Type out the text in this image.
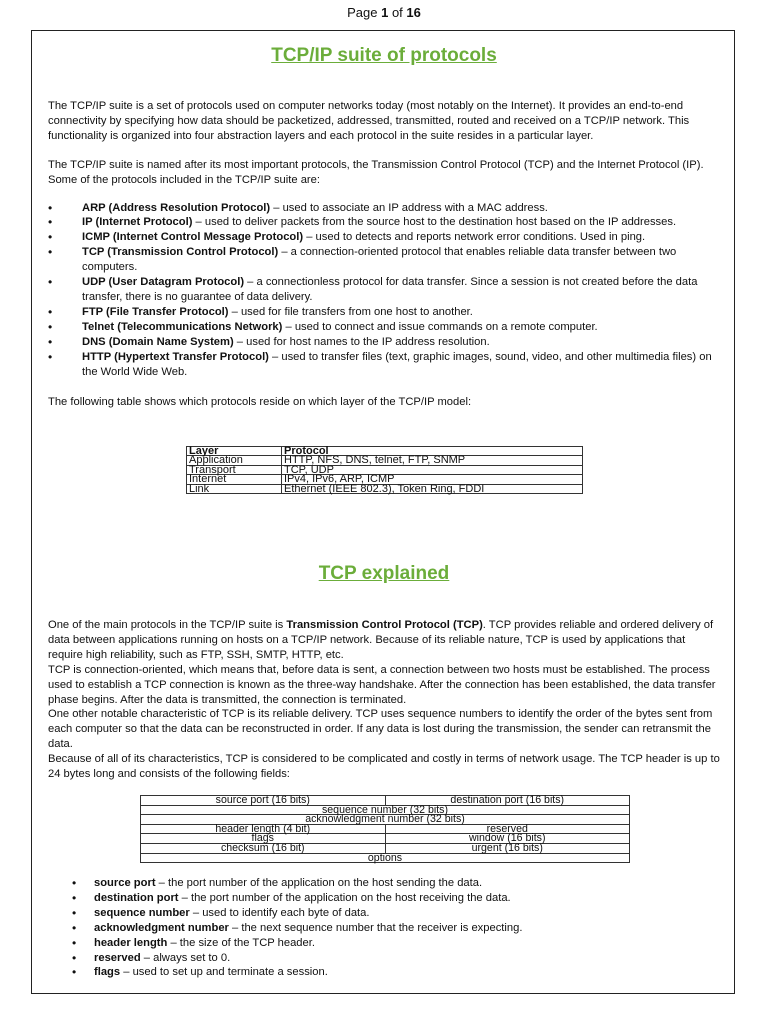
Page 1 of 16
TCP/IP suite of protocols

The TCP/IP suite is a set of protocols used on computer networks today (most notably on the Internet). It provides an end-to-end connectivity by specifying how data should be packetized, addressed, transmitted, routed and received on a TCP/IP network. This functionality is organized into four abstraction layers and each protocol in the suite resides in a particular layer.

The TCP/IP suite is named after its most important protocols, the Transmission Control Protocol (TCP) and the Internet Protocol (IP). Some of the protocols included in the TCP/IP suite are:

• ARP (Address Resolution Protocol) – used to associate an IP address with a MAC address.
• IP (Internet Protocol) – used to deliver packets from the source host to the destination host based on the IP addresses.
• ICMP (Internet Control Message Protocol) – used to detects and reports network error conditions. Used in ping.
• TCP (Transmission Control Protocol) – a connection-oriented protocol that enables reliable data transfer between two computers.
• UDP (User Datagram Protocol) – a connectionless protocol for data transfer. Since a session is not created before the data transfer, there is no guarantee of data delivery.
• FTP (File Transfer Protocol) – used for file transfers from one host to another.
• Telnet (Telecommunications Network) – used to connect and issue commands on a remote computer.
• DNS (Domain Name System) – used for host names to the IP address resolution.
• HTTP (Hypertext Transfer Protocol) – used to transfer files (text, graphic images, sound, video, and other multimedia files) on the World Wide Web.

The following table shows which protocols reside on which layer of the TCP/IP model:

Layer	Protocol
Application	HTTP, NFS, DNS, telnet, FTP, SNMP
Transport	TCP, UDP
Internet	IPv4, IPv6, ARP, ICMP
Link	Ethernet (IEEE 802.3), Token Ring, FDDI
TCP explained

One of the main protocols in the TCP/IP suite is Transmission Control Protocol (TCP). TCP provides reliable and ordered delivery of data between applications running on hosts on a TCP/IP network. Because of its reliable nature, TCP is used by applications that require high reliability, such as FTP, SSH, SMTP, HTTP, etc.

TCP is connection-oriented, which means that, before data is sent, a connection between two hosts must be established. The process used to establish a TCP connection is known as the three-way handshake. After the connection has been established, the data transfer phase begins. After the data is transmitted, the connection is terminated.

One other notable characteristic of TCP is its reliable delivery. TCP uses sequence numbers to identify the order of the bytes sent from each computer so that the data can be reconstructed in order. If any data is lost during the transmission, the sender can retransmit the data.

Because of all of its characteristics, TCP is considered to be complicated and costly in terms of network usage. The TCP header is up to 24 bytes long and consists of the following fields:

source port (16 bits)	destination port (16 bits)
sequence number (32 bits)	
acknowledgment number (32 bits)	
header length (4 bit)	reserved
flags	window (16 bits)
checksum (16 bit)	urgent (16 bits)
options	
• source port – the port number of the application on the host sending the data.
• destination port – the port number of the application on the host receiving the data.
• sequence number – used to identify each byte of data.
• acknowledgment number – the next sequence number that the receiver is expecting.
• header length – the size of the TCP header.
• reserved – always set to 0.
• flags – used to set up and terminate a session.
